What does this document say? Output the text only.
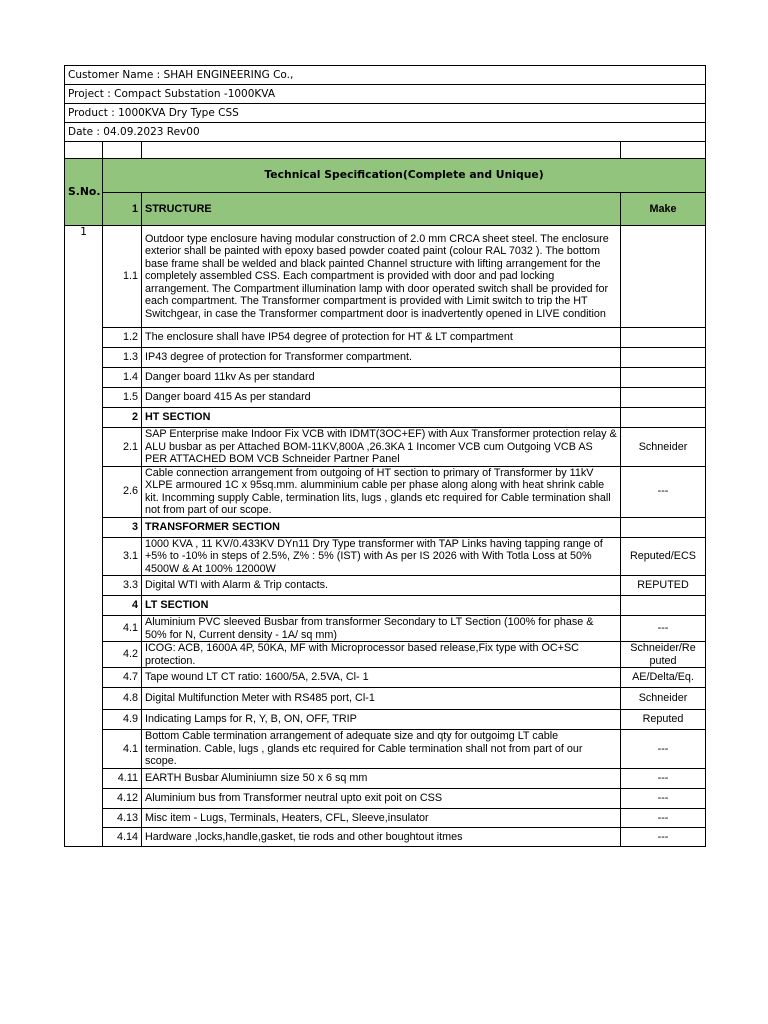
Customer Name : SHAH ENGINEERING Co.,			
Project : Compact Substation -1000KVA			
Product : 1000KVA Dry Type CSS			
Date : 04.09.2023 Rev00			

S.No.	Technical Specification(Complete and Unique)		
	1	STRUCTURE	Make
1	1.1	Outdoor type enclosure having modular construction of 2.0 mm CRCA sheet steel. The enclosure exterior shall be painted with epoxy based powder coated paint (colour RAL 7032 ). The bottom base frame shall be welded and black painted Channel structure with lifting arrangement for the completely assembled CSS. Each compartment is provided with door and pad locking arrangement. The Compartment illumination lamp with door operated switch shall be provided for each compartment. The Transformer compartment is provided with Limit switch to trip the HT Switchgear, in case the Transformer compartment door is inadvertently opened in LIVE condition	
	1.2	The enclosure shall have IP54 degree of protection for HT & LT compartment	
	1.3	IP43 degree of protection for Transformer compartment.	
	1.4	Danger board 11kv As per standard	
	1.5	Danger board 415 As per standard	
	2	HT SECTION	
	2.1	SAP Enterprise make Indoor Fix VCB with IDMT(3OC+EF) with Aux Transformer protection relay & ALU busbar as per Attached BOM-11KV,800A ,26.3KA 1 Incomer VCB cum Outgoing VCB AS PER ATTACHED BOM VCB Schneider Partner Panel	Schneider
	2.6	Cable connection arrangement from outgoing of HT section to primary of Transformer by 11kV XLPE armoured 1C x 95sq.mm. alumminium cable per phase along along with heat shrink cable kit. Incomming supply Cable, termination lits, lugs , glands etc required for Cable termination shall not from part of our scope.	---
	3	TRANSFORMER SECTION	
	3.1	1000 KVA , 11 KV/0.433KV DYn11 Dry Type transformer with TAP Links having tapping range of +5% to -10% in steps of 2.5%, Z% : 5% (IST) with As per IS 2026 with With Totla Loss at 50% 4500W & At 100% 12000W	Reputed/ECS
	3.3	Digital WTI with Alarm & Trip contacts.	REPUTED
	4	LT SECTION	
	4.1	Aluminium PVC sleeved Busbar from transformer Secondary to LT Section (100% for phase & 50% for N, Current density - 1A/ sq mm)	---
	4.2	ICOG: ACB, 1600A 4P, 50KA, MF with Microprocessor based release,Fix type with OC+SC protection.	Schneider/Re puted
	4.7	Tape wound LT CT ratio: 1600/5A, 2.5VA, Cl- 1	AE/Delta/Eq.
	4.8	Digital Multifunction Meter with RS485 port, Cl-1	Schneider
	4.9	Indicating Lamps for R, Y, B, ON, OFF, TRIP	Reputed
	4.1	Bottom Cable termination arrangement of adequate size and qty for outgoimg LT cable termination. Cable, lugs , glands etc required for Cable termination shall not from part of our scope.	---
	4.11	EARTH Busbar Aluminiumn size 50 x 6 sq mm	---
	4.12	Aluminium bus from Transformer neutral upto exit poit on CSS	---
	4.13	Misc item - Lugs, Terminals, Heaters, CFL, Sleeve,insulator	---
	4.14	Hardware ,locks,handle,gasket, tie rods and other boughtout itmes	---
